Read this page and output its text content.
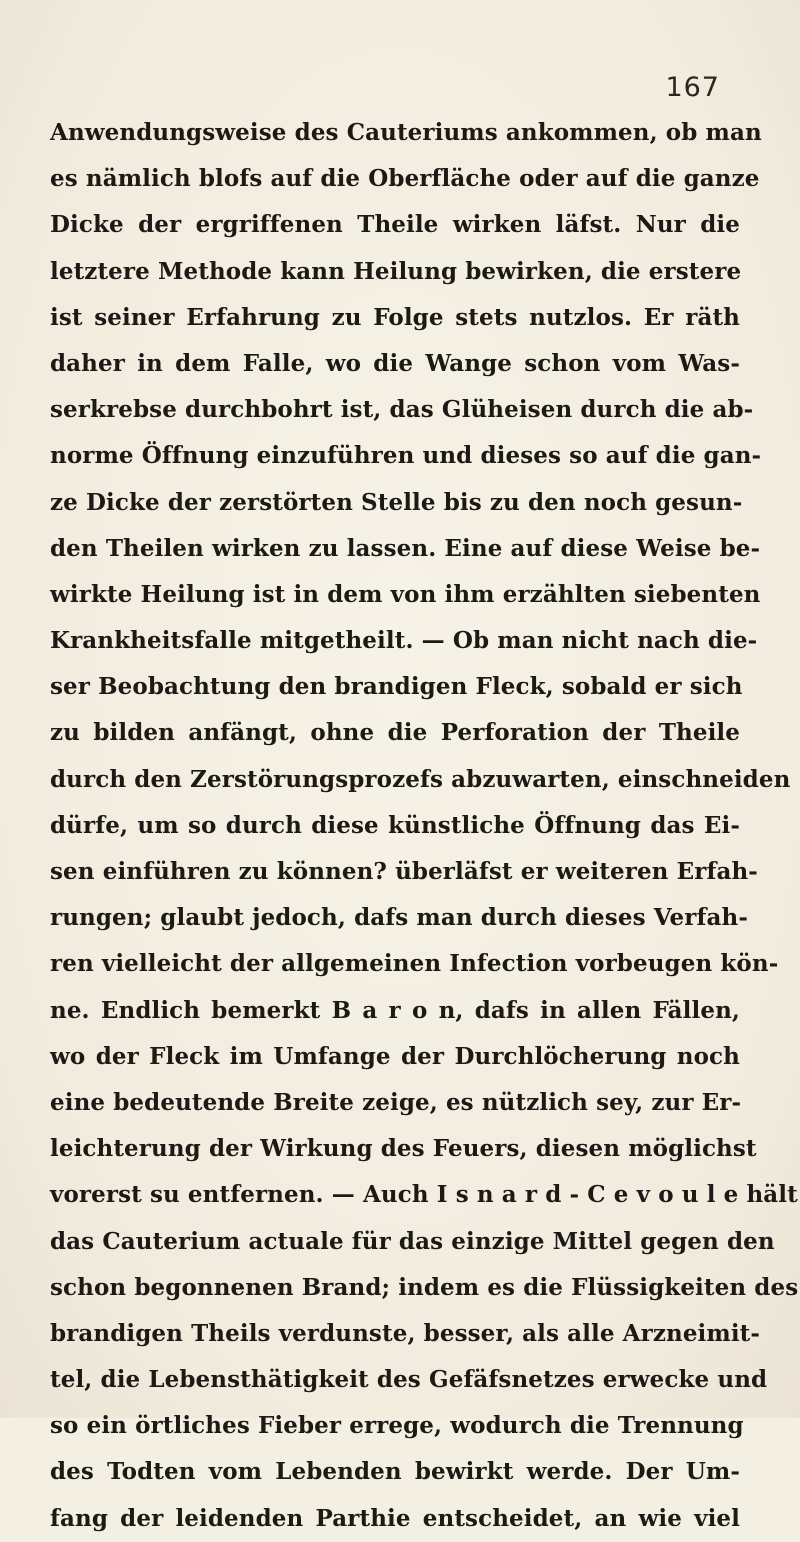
167
Anwendungsweise des Cauteriums ankommen, ob man
es nämlich blofs auf die Oberfläche oder auf die ganze
Dicke der ergriffenen Theile wirken läfst. Nur die
letztere Methode kann Heilung bewirken, die erstere
ist seiner Erfahrung zu Folge stets nutzlos. Er räth
daher in dem Falle, wo die Wange schon vom Was-
serkrebse durchbohrt ist, das Glüheisen durch die ab-
norme Öffnung einzuführen und dieses so auf die gan-
ze Dicke der zerstörten Stelle bis zu den noch gesun-
den Theilen wirken zu lassen. Eine auf diese Weise be-
wirkte Heilung ist in dem von ihm erzählten siebenten
Krankheitsfalle mitgetheilt. — Ob man nicht nach die-
ser Beobachtung den brandigen Fleck, sobald er sich
zu bilden anfängt, ohne die Perforation der Theile
durch den Zerstörungsprozefs abzuwarten, einschneiden
dürfe, um so durch diese künstliche Öffnung das Ei-
sen einführen zu können? überläfst er weiteren Erfah-
rungen; glaubt jedoch, dafs man durch dieses Verfah-
ren vielleicht der allgemeinen Infection vorbeugen kön-
ne. Endlich bemerkt B a r o n, dafs in allen Fällen,
wo der Fleck im Umfange der Durchlöcherung noch
eine bedeutende Breite zeige, es nützlich sey, zur Er-
leichterung der Wirkung des Feuers, diesen möglichst
vorerst su entfernen. — Auch I s n a r d - C e v o u l e hält
das Cauterium actuale für das einzige Mittel gegen den
schon begonnenen Brand; indem es die Flüssigkeiten des
brandigen Theils verdunste, besser, als alle Arzneimit-
tel, die Lebensthätigkeit des Gefäfsnetzes erwecke und
so ein örtliches Fieber errege, wodurch die Trennung
des Todten vom Lebenden bewirkt werde. Der Um-
fang der leidenden Parthie entscheidet, an wie viel
